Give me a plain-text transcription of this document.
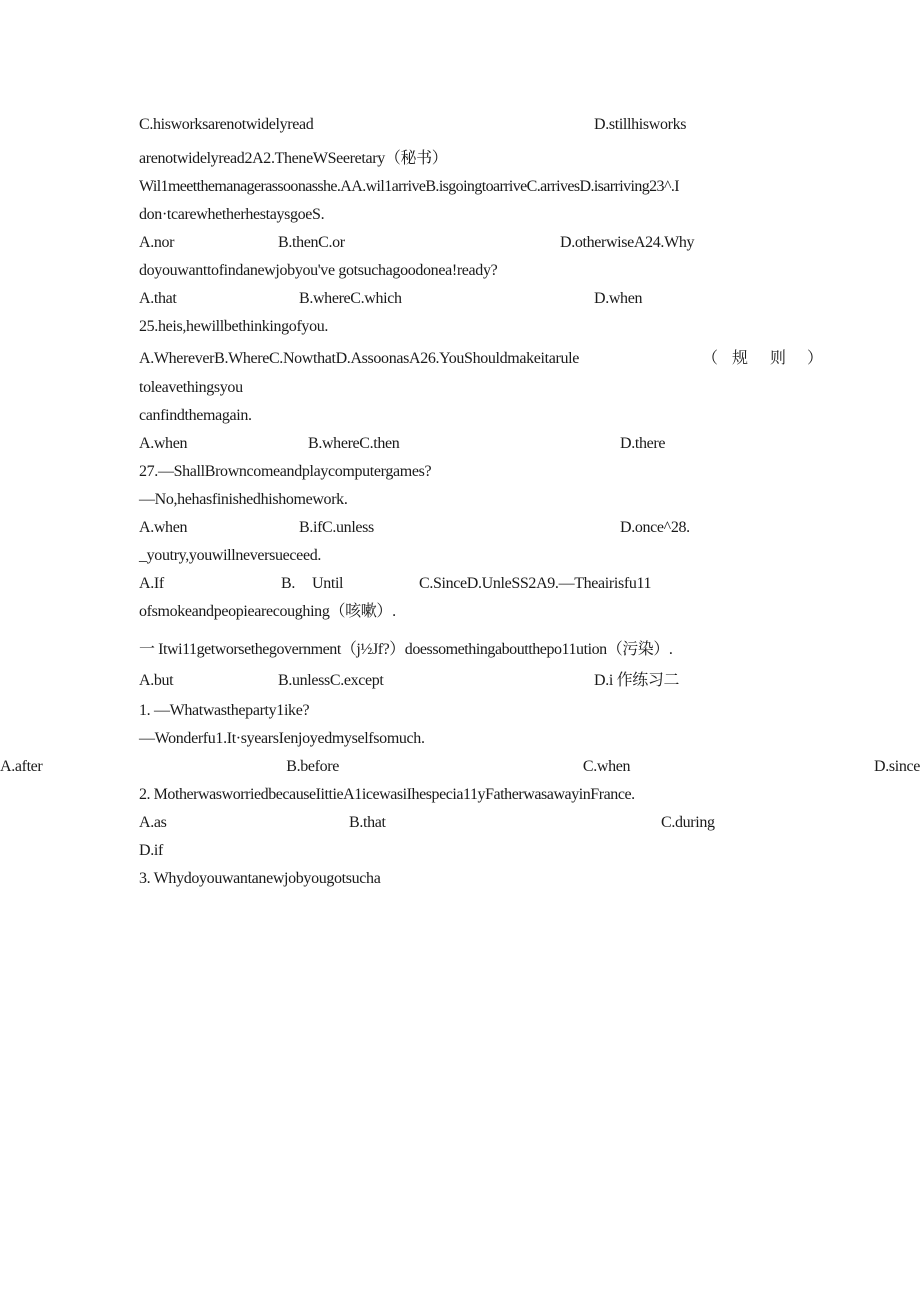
C.hisworksarenotwidelyread	D.stillhisworks
arenotwidelyread2A2.TheneWSeeretary（秘书）
Wil1meetthemanagerassoonasshe.AA.wil1arriveB.isgoingtoarriveC.arrivesD.isarriving23^.I
don·tcarewhetherhestaysgoeS.
A.nor	B.thenC.or	D.otherwiseA24.Why
doyouwanttofindanewjobyou've gotsuchagoodonea!ready?
A.that	B.whereC.which	D.when
25.heis,hewillbethinkingofyou.
A.WhereverB.WhereC.NowthatD.AssoonasA26.YouShouldmakeitarule	（ 规 则 ）
toleavethingsyou
canfindthemagain.
A.when	B.whereC.then	D.there
27.—ShallBrowncomeandplaycomputergames?
—No,hehasfinishedhishomework.
A.when	B.ifC.unless	D.once^28.
_youtry,youwillneversueceed.
A.If	B. Until	C.SinceD.UnleSS2A9.—Theairisfu11
ofsmokeandpeopiearecoughing（咳嗽）.
一 Itwi11getworsethegovernment（j½Jf?）doessomethingaboutthepo11ution（污染）.
A.but	B.unlessC.except	D.i 作练习二
1. —Whatwastheparty1ike?
—Wonderfu1.It·syearsIenjoyedmyselfsomuch.
A.after	B.before	C.when	D.since
2. MotherwasworriedbecauseIittieA1icewasiIhespecia11yFatherwasawayinFrance.
A.as	B.that	C.during
D.if
3. Whydoyouwantanewjobyougotsucha
